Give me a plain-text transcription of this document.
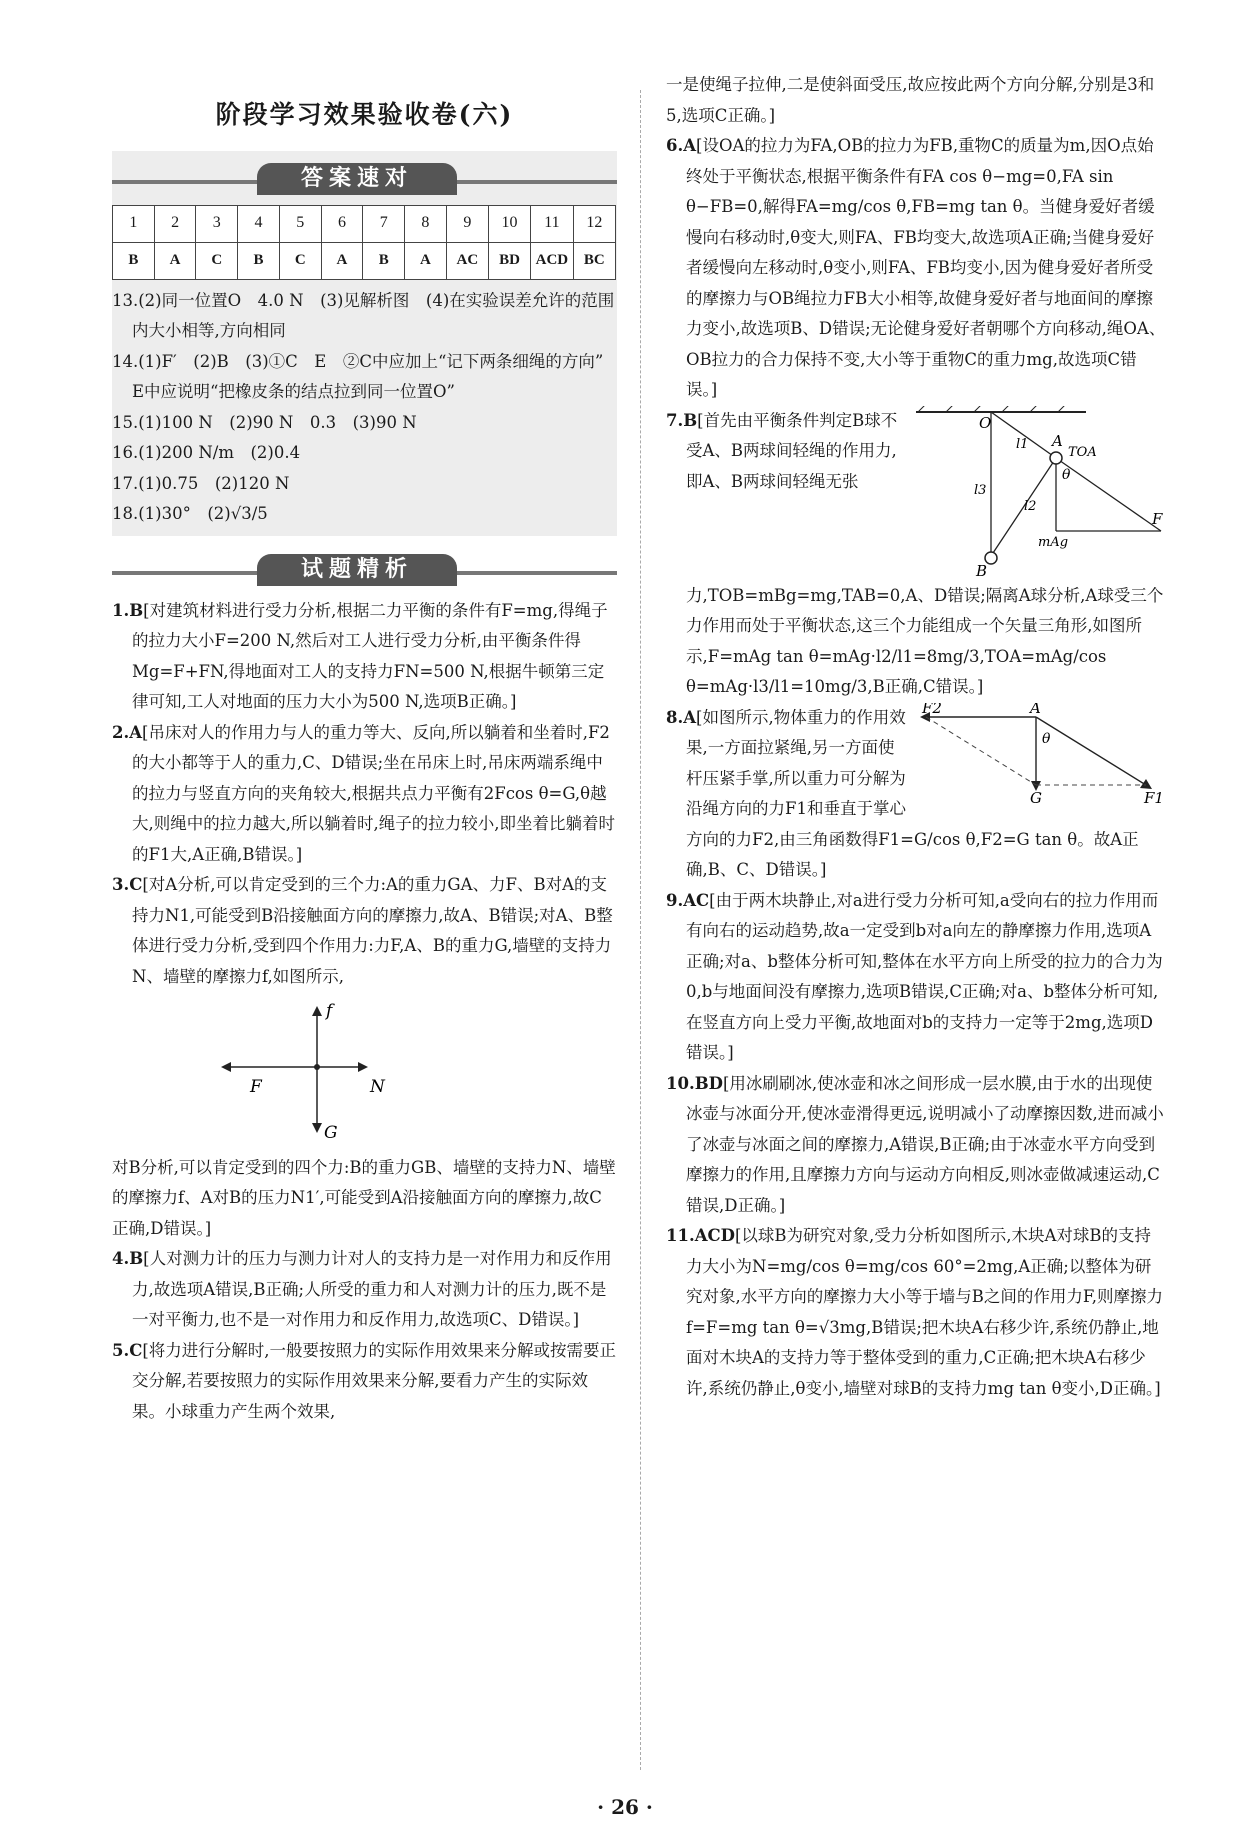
阶段学习效果验收卷(六)
答案速对
1	2	3	4	5	6	7	8	9	10	11	12
B	A	C	B	C	A	B	A	AC	BD	ACD	BC
13.(2)同一位置O　4.0 N　(3)见解析图　(4)在实验误差允许的范围内大小相等,方向相同
14.(1)F′　(2)B　(3)①C　E　②C中应加上“记下两条细绳的方向”　E中应说明“把橡皮条的结点拉到同一位置O”
15.(1)100 N　(2)90 N　0.3　(3)90 N
16.(1)200 N/m　(2)0.4
17.(1)0.75　(2)120 N
18.(1)30°　(2)√3/5
试题精析
1.B[对建筑材料进行受力分析,根据二力平衡的条件有F=mg,得绳子的拉力大小F=200 N,然后对工人进行受力分析,由平衡条件得Mg=F+FN,得地面对工人的支持力FN=500 N,根据牛顿第三定律可知,工人对地面的压力大小为500 N,选项B正确。]
2.A[吊床对人的作用力与人的重力等大、反向,所以躺着和坐着时,F2的大小都等于人的重力,C、D错误;坐在吊床上时,吊床两端系绳中的拉力与竖直方向的夹角较大,根据共点力平衡有2Fcos θ=G,θ越大,则绳中的拉力越大,所以躺着时,绳子的拉力较小,即坐着比躺着时的F1大,A正确,B错误。]
3.C[对A分析,可以肯定受到的三个力:A的重力GA、力F、B对A的支持力N1,可能受到B沿接触面方向的摩擦力,故A、B错误;对A、B整体进行受力分析,受到四个作用力:力F,A、B的重力G,墙壁的支持力N、墙壁的摩擦力f,如图所示,
f
F	N
G
对B分析,可以肯定受到的四个力:B的重力GB、墙壁的支持力N、墙壁的摩擦力f、A对B的压力N1′,可能受到A沿接触面方向的摩擦力,故C正确,D错误。]
4.B[人对测力计的压力与测力计对人的支持力是一对作用力和反作用力,故选项A错误,B正确;人所受的重力和人对测力计的压力,既不是一对平衡力,也不是一对作用力和反作用力,故选项C、D错误。]
5.C[将力进行分解时,一般要按照力的实际作用效果来分解或按需要正交分解,若要按照力的实际作用效果来分解,要看力产生的实际效果。小球重力产生两个效果,
一是使绳子拉伸,二是使斜面受压,故应按此两个方向分解,分别是3和5,选项C正确。]
6.A[设OA的拉力为FA,OB的拉力为FB,重物C的质量为m,因O点始终处于平衡状态,根据平衡条件有FA cos θ−mg=0,FA sin θ−FB=0,解得FA=mg/cos θ,FB=mg tan θ。当健身爱好者缓慢向右移动时,θ变大,则FA、FB均变大,故选项A正确;当健身爱好者缓慢向左移动时,θ变小,则FA、FB均变小,因为健身爱好者所受的摩擦力与OB绳拉力FB大小相等,故健身爱好者与地面间的摩擦力变小,故选项B、D错误;无论健身爱好者朝哪个方向移动,绳OA、OB拉力的合力保持不变,大小等于重物C的重力mg,故选项C错误。]
O
A
TOA
θ
l1
l2
l3
mAg
B
F
7.B[首先由平衡条件判定B球不受A、B两球间轻绳的作用力,即A、B两球间轻绳无张力,TOB=mBg=mg,TAB=0,A、D错误;隔离A球分析,A球受三个力作用而处于平衡状态,这三个力能组成一个矢量三角形,如图所示,F=mAg tan θ=mAg·l2/l1=8mg/3,TOA=mAg/cos θ=mAg·l3/l1=10mg/3,B正确,C错误。]
F2	A
θ
G	F1
8.A[如图所示,物体重力的作用效果,一方面拉紧绳,另一方面使杆压紧手掌,所以重力可分解为沿绳方向的力F1和垂直于掌心方向的力F2,由三角函数得F1=G/cos θ,F2=G tan θ。故A正确,B、C、D错误。]
9.AC[由于两木块静止,对a进行受力分析可知,a受向右的拉力作用而有向右的运动趋势,故a一定受到b对a向左的静摩擦力作用,选项A正确;对a、b整体分析可知,整体在水平方向上所受的拉力的合力为0,b与地面间没有摩擦力,选项B错误,C正确;对a、b整体分析可知,在竖直方向上受力平衡,故地面对b的支持力一定等于2mg,选项D错误。]
10.BD[用冰刷刷冰,使冰壶和冰之间形成一层水膜,由于水的出现使冰壶与冰面分开,使冰壶滑得更远,说明减小了动摩擦因数,进而减小了冰壶与冰面之间的摩擦力,A错误,B正确;由于冰壶水平方向受到摩擦力的作用,且摩擦力方向与运动方向相反,则冰壶做减速运动,C错误,D正确。]
11.ACD[以球B为研究对象,受力分析如图所示,木块A对球B的支持力大小为N=mg/cos θ=mg/cos 60°=2mg,A正确;以整体为研究对象,水平方向的摩擦力大小等于墙与B之间的作用力F,则摩擦力f=F=mg tan θ=√3mg,B错误;把木块A右移少许,系统仍静止,地面对木块A的支持力等于整体受到的重力,C正确;把木块A右移少许,系统仍静止,θ变小,墙壁对球B的支持力mg tan θ变小,D正确。]
· 26 ·
